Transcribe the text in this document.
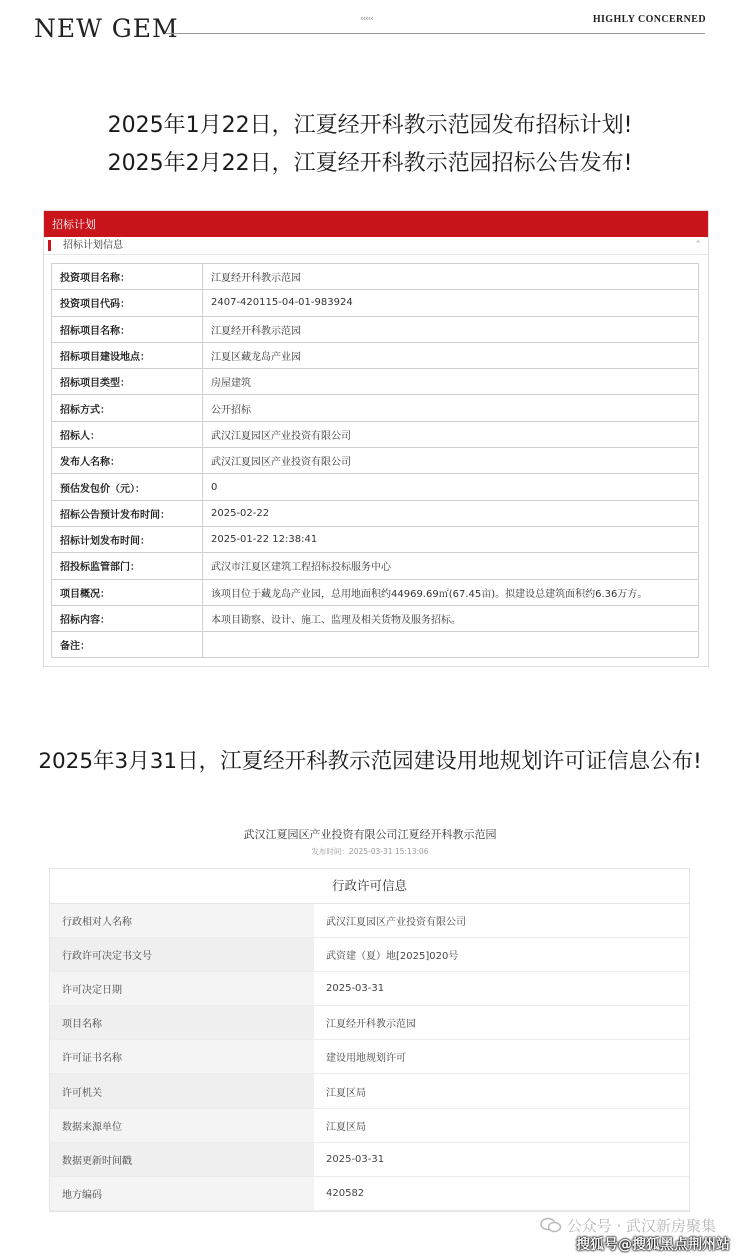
NEW GEM	‹‹‹‹‹	HIGHLY CONCERNED
2025年1月22日，江夏经开科教示范园发布招标计划!
2025年2月22日，江夏经开科教示范园招标公告发布!
招标计划
招标计划信息	⌃
投资项目名称：	江夏经开科教示范园
投资项目代码：	2407-420115-04-01-983924
招标项目名称：	江夏经开科教示范园
招标项目建设地点：	江夏区藏龙岛产业园
招标项目类型：	房屋建筑
招标方式：	公开招标
招标人：	武汉江夏园区产业投资有限公司
发布人名称：	武汉江夏园区产业投资有限公司
预估发包价（元）：	0
招标公告预计发布时间：	2025-02-22
招标计划发布时间：	2025-01-22 12:38:41
招投标监管部门：	武汉市江夏区建筑工程招标投标服务中心
项目概况：	该项目位于藏龙岛产业园，总用地面积约44969.69㎡(67.45亩)。拟建设总建筑面积约6.36万方。
招标内容：	本项目勘察、设计、施工、监理及相关货物及服务招标。
备注：	
2025年3月31日，江夏经开科教示范园建设用地规划许可证信息公布!
武汉江夏园区产业投资有限公司江夏经开科教示范园
发布时间：2025-03-31 15:13:06
行政许可信息
行政相对人名称	武汉江夏园区产业投资有限公司
行政许可决定书文号	武资建（夏）地[2025]020号
许可决定日期	2025-03-31
项目名称	江夏经开科教示范园
许可证书名称	建设用地规划许可
许可机关	江夏区局
数据来源单位	江夏区局
数据更新时间戳	2025-03-31
地方编码	420582
公众号 · 武汉新房聚集
搜狐号@搜狐黑点荆州站
